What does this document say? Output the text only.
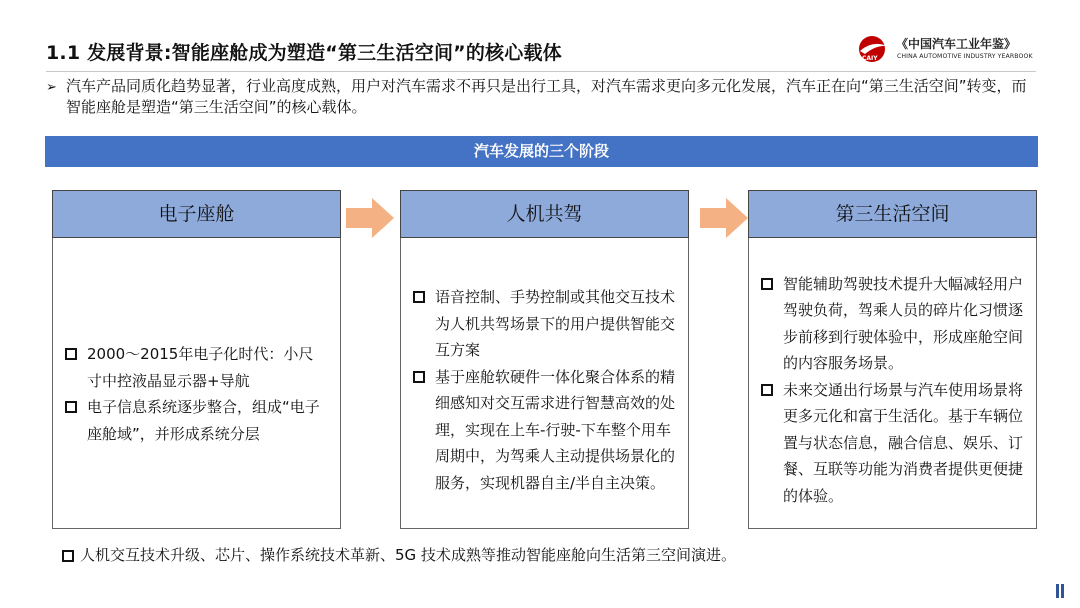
1.1 发展背景:智能座舱成为塑造“第三生活空间”的核心载体	CAIY
《中国汽车工业年鉴》
CHINA AUTOMOTIVE INDUSTRY YEARBOOK
➢ 汽车产品同质化趋势显著，行业高度成熟，用户对汽车需求不再只是出行工具，对汽车需求更向多元化发展，汽车正在向“第三生活空间”转变，而智能座舱是塑造“第三生活空间”的核心载体。
汽车发展的三个阶段
电子座舱
2000～2015年电子化时代：小尺寸中控液晶显示器+导航
电子信息系统逐步整合，组成“电子座舱域”，并形成系统分层
人机共驾
语音控制、手势控制或其他交互技术为人机共驾场景下的用户提供智能交互方案
基于座舱软硬件一体化聚合体系的精细感知对交互需求进行智慧高效的处理，实现在上车-行驶-下车整个用车周期中，为驾乘人主动提供场景化的服务，实现机器自主/半自主决策。
第三生活空间
智能辅助驾驶技术提升大幅减轻用户驾驶负荷，驾乘人员的碎片化习惯逐步前移到行驶体验中，形成座舱空间的内容服务场景。
未来交通出行场景与汽车使用场景将更多元化和富于生活化。基于车辆位置与状态信息，融合信息、娱乐、订餐、互联等功能为消费者提供更便捷的体验。
人机交互技术升级、芯片、操作系统技术革新、5G 技术成熟等推动智能座舱向生活第三空间演进。
